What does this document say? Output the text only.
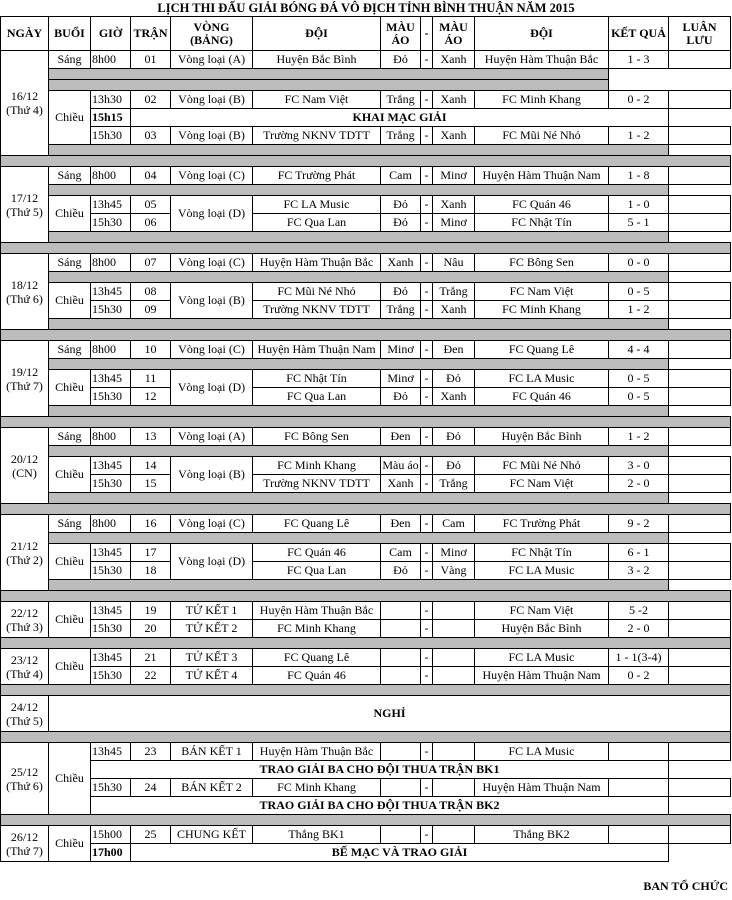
LỊCH THI ĐẤU GIẢI BÓNG ĐÁ VÔ ĐỊCH TỈNH BÌNH THUẬN NĂM 2015
NGÀY	BUỔI	GIỜ	TRẬN	VÒNG (BẢNG)	ĐỘI	MÀU ÁO	-	MÀU ÁO	ĐỘI	KẾT QUẢ	LUÂN LƯU
16/12 (Thứ 4)	Sáng	8h00	01	Vòng loại (A)	Huyện Bắc Bình	Đỏ	-	Xanh	Huyện Hàm Thuận Bắc	1 - 3	

	Chiều	13h30	02	Vòng loại (B)	FC Nam Việt	Trắng	-	Xanh	FC Minh Khang	0 - 2	
		15h15	KHAI MẠC GIẢI								
		15h30	03	Vòng loại (B)	Trường NKNV TDTT	Trắng	-	Xanh	FC Mũi Né Nhỏ	1 - 2	

17/12 (Thứ 5)	Sáng	8h00	04	Vòng loại (C)	FC Trường Phát	Cam	-	Minơ	Huyện Hàm Thuận Nam	1 - 8	

	Chiều	13h45	05	Vòng loại (D)	FC LA Music	Đỏ	-	Xanh	FC Quán 46	1 - 0	
		15h30	06		FC Qua Lan	Đỏ	-	Minơ	FC Nhật Tín	5 - 1	

18/12 (Thứ 6)	Sáng	8h00	07	Vòng loại (C)	Huyện Hàm Thuận Bắc	Xanh	-	Nâu	FC Bông Sen	0 - 0	

	Chiều	13h45	08	Vòng loại (B)	FC Mũi Né Nhỏ	Đỏ	-	Trắng	FC Nam Việt	0 - 5	
		15h30	09		Trường NKNV TDTT	Trắng	-	Xanh	FC Minh Khang	1 - 2	

19/12 (Thứ 7)	Sáng	8h00	10	Vòng loại (C)	Huyện Hàm Thuận Nam	Minơ	-	Đen	FC Quang Lê	4 - 4	

	Chiều	13h45	11	Vòng loại (D)	FC Nhật Tín	Minơ	-	Đỏ	FC LA Music	0 - 5	
		15h30	12		FC Qua Lan	Đỏ	-	Xanh	FC Quán 46	0 - 5	

20/12 (CN)	Sáng	8h00	13	Vòng loại (A)	FC Bông Sen	Đen	-	Đỏ	Huyện Bắc Bình	1 - 2	

	Chiều	13h45	14	Vòng loại (B)	FC Minh Khang	Màu áo	-	Đỏ	FC Mũi Né Nhỏ	3 - 0	
		15h30	15		Trường NKNV TDTT	Xanh	-	Trắng	FC Nam Việt	2 - 0	

21/12 (Thứ 2)	Sáng	8h00	16	Vòng loại (C)	FC Quang Lê	Đen	-	Cam	FC Trường Phát	9 - 2	

	Chiều	13h45	17	Vòng loại (D)	FC Quán 46	Cam	-	Minơ	FC Nhật Tín	6 - 1	
		15h30	18		FC Qua Lan	Đỏ	-	Vàng	FC LA Music	3 - 2	

22/12 (Thứ 3)	Chiều	13h45	19	TỨ KẾT 1	Huyện Hàm Thuận Bắc		-		FC Nam Việt	5 -2	
		15h30	20	TỨ KẾT 2	FC Minh Khang		-		Huyện Bắc Bình	2 - 0	

23/12 (Thứ 4)	Chiều	13h45	21	TỨ KẾT 3	FC Quang Lê		-		FC LA Music	1 - 1(3-4)	
		15h30	22	TỨ KẾT 4	FC Quán 46		-		Huyện Hàm Thuận Nam	0 - 2	

24/12 (Thứ 5)	NGHỈ										

25/12 (Thứ 6)	Chiều	13h45	23	BÁN KẾT 1	Huyện Hàm Thuận Bắc		-		FC LA Music		
		TRAO GIẢI BA CHO ĐỘI THUA TRẬN BK1									
		15h30	24	BÁN KẾT 2	FC Minh Khang		-		Huyện Hàm Thuận Nam		
		TRAO GIẢI BA CHO ĐỘI THUA TRẬN BK2									

26/12 (Thứ 7)	Chiều	15h00	25	CHUNG KẾT	Thắng BK1		-		Thắng BK2		
		17h00	BẾ MẠC VÀ TRAO GIẢI								
BAN TỔ CHỨC
